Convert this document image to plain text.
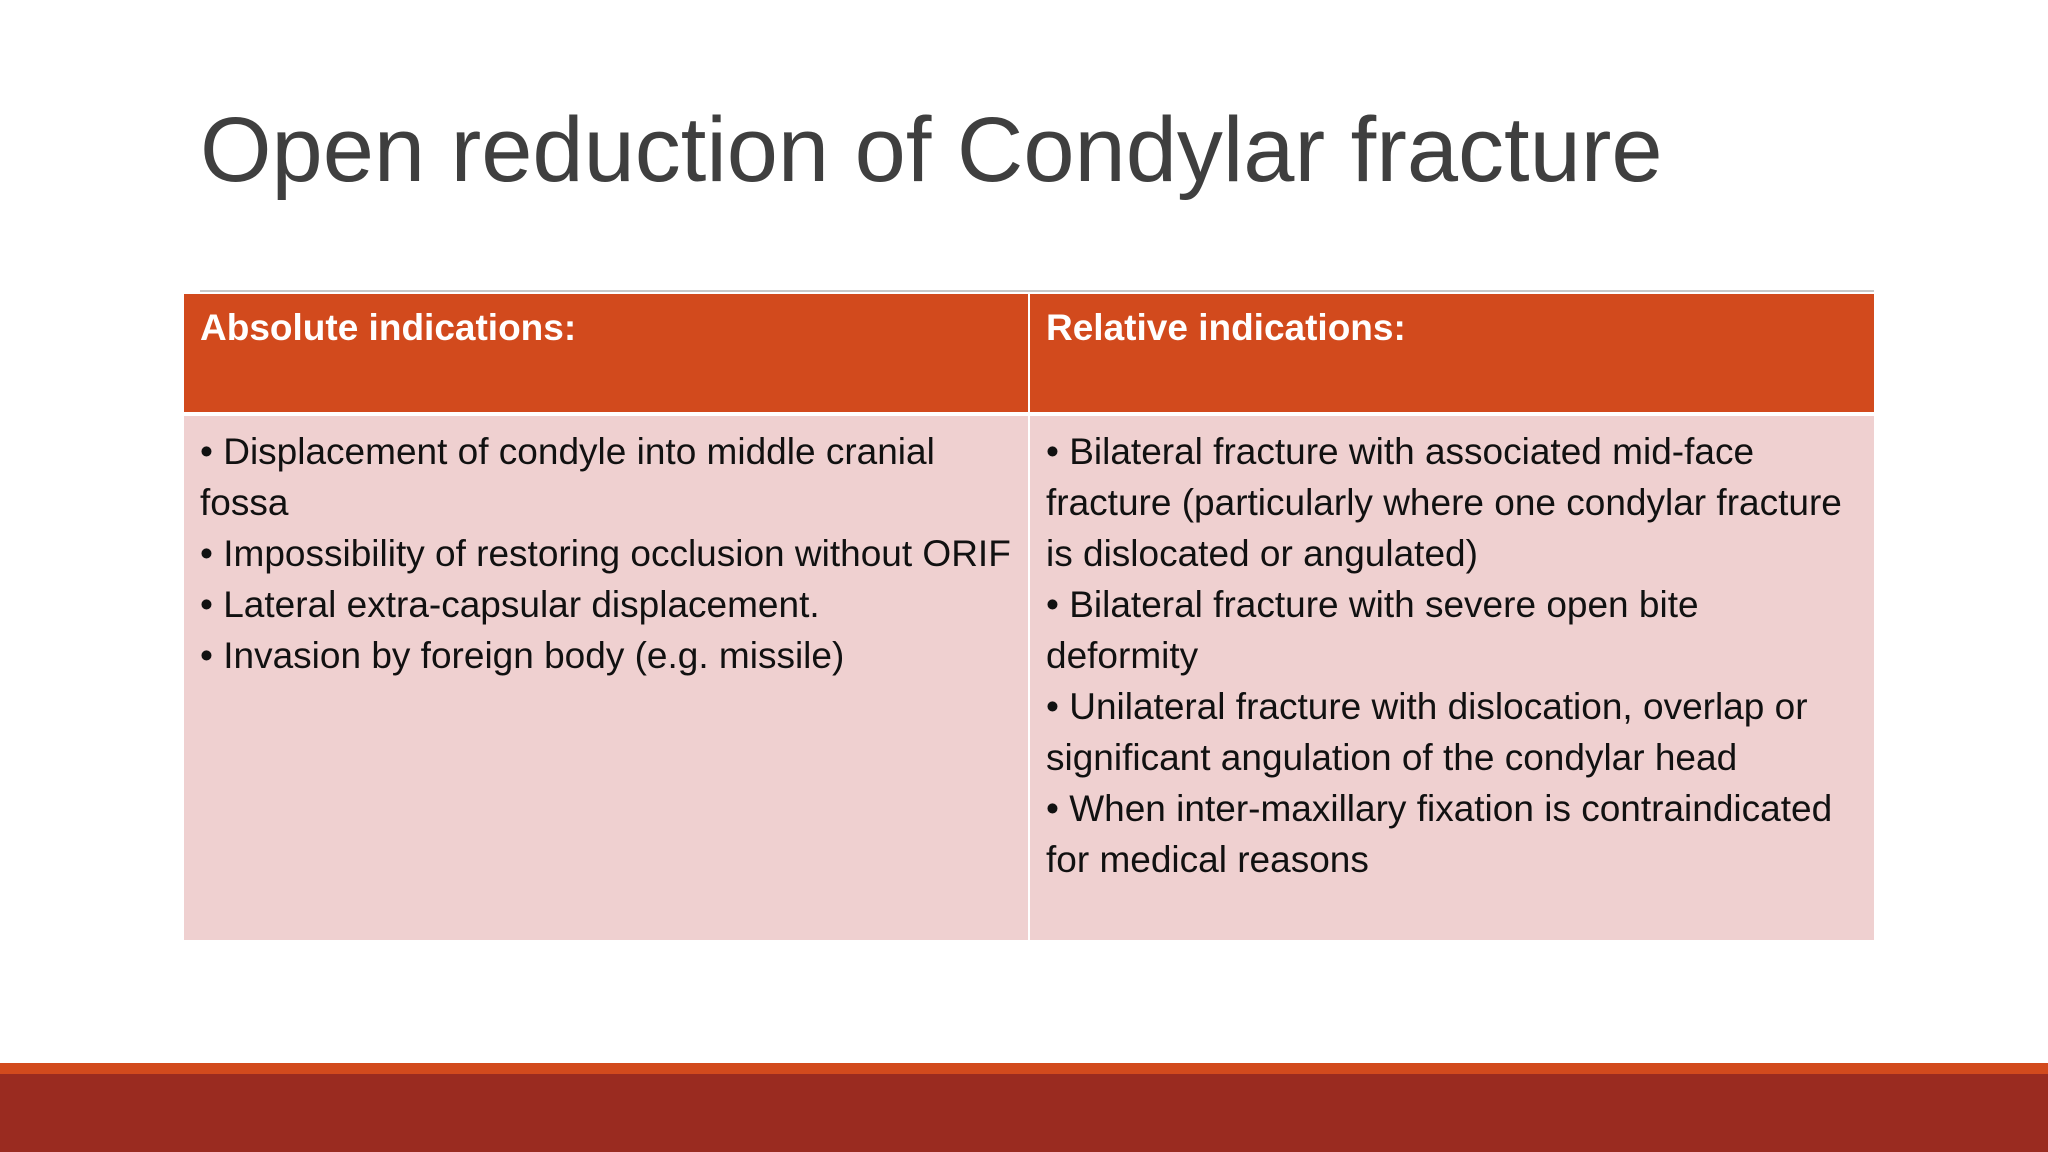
Open reduction of Condylar fracture
Absolute indications:	Relative indications:
• Displacement of condyle into middle cranial fossa
• Impossibility of restoring occlusion without ORIF
• Lateral extra-capsular displacement.
• Invasion by foreign body (e.g. missile)
• Bilateral fracture with associated mid-face fracture (particularly where one condylar fracture is dislocated or angulated)
• Bilateral fracture with severe open bite deformity
• Unilateral fracture with dislocation, overlap or significant angulation of the condylar head
• When inter-maxillary fixation is contraindicated for medical reasons
